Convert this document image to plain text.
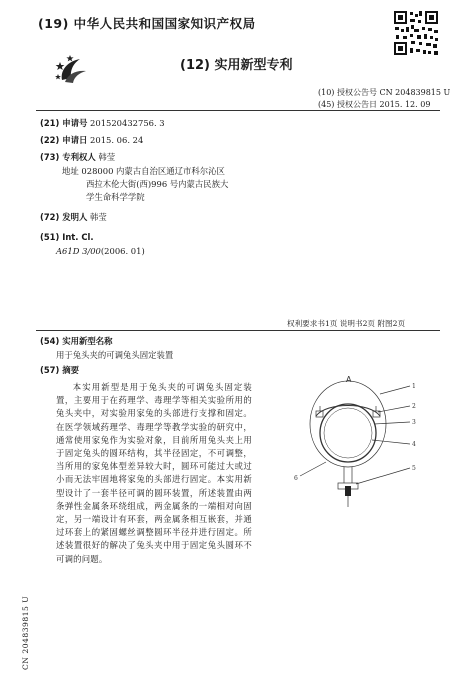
(19) 中华人民共和国国家知识产权局
(12) 实用新型专利
(10) 授权公告号 CN 204839815 U
(45) 授权公告日 2015. 12. 09
(21) 申请号 201520432756. 3
(22) 申请日 2015. 06. 24
(73) 专利权人 韩莹
地址 028000 内蒙古自治区通辽市科尔沁区
西拉木伦大街(西)996 号内蒙古民族大
学生命科学学院
(72) 发明人 韩莹
(51) Int. Cl.
A61D 3/00(2006. 01)
权利要求书1页 说明书2页 附图2页
(54) 实用新型名称
用于兔头夹的可调兔头固定装置
(57) 摘要

本实用新型是用于兔头夹的可调兔头固定装置，主要用于在药理学、毒理学等相关实验所用的兔头夹中，对实验用家兔的头部进行支撑和固定。在医学领域药理学、毒理学等教学实验的研究中，通常使用家兔作为实验对象，目前所用兔头夹上用于固定兔头的圆环结构，其半径固定，不可调整，当所用的家兔体型差异较大时，圆环可能过大或过小而无法牢固地将家兔的头部进行固定。本实用新型设计了一套半径可调的圆环装置，所述装置由两条弹性金属条环绕组成，两金属条的一端相对向固定，另一端设计有环套，两金属条相互嵌套，并通过环套上的紧固螺丝调整圆环半径并进行固定。所述装置很好的解决了兔头夹中用于固定兔头圆环不可调的问题。

A
1
2
3
4
5
6
CN 204839815 U
